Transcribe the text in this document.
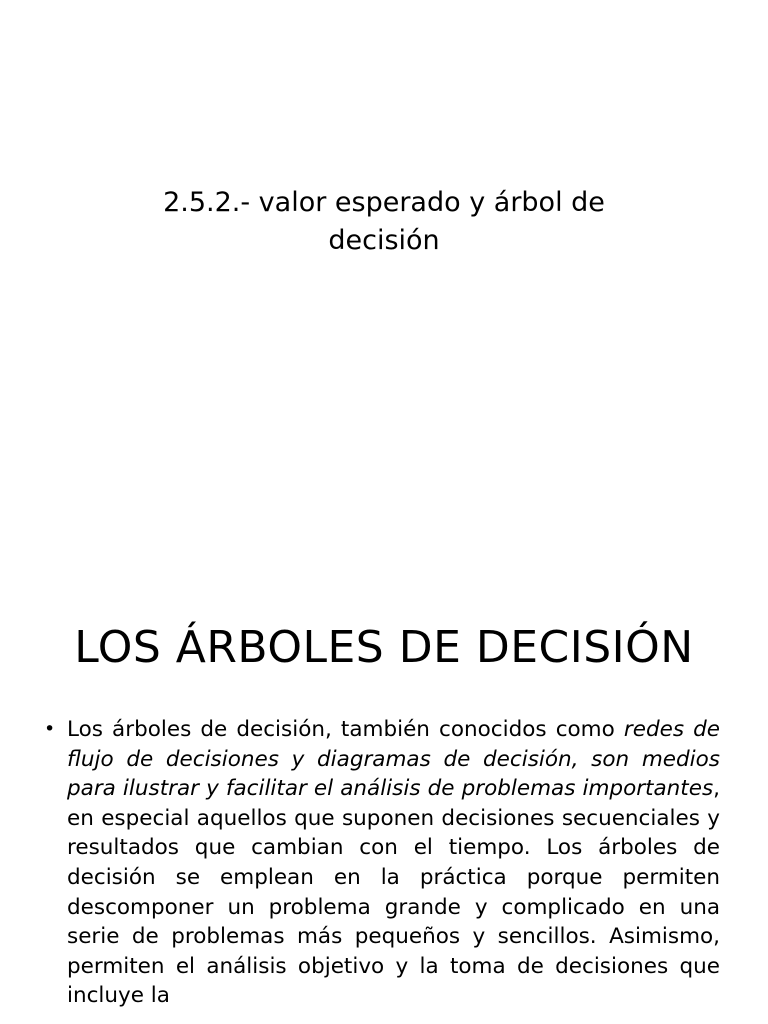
2.5.2.- valor esperado y árbol de
decisión
LOS ÁRBOLES DE DECISIÓN
• Los árboles de decisión, también conocidos como redes de flujo de decisiones y diagramas de decisión, son medios para ilustrar y facilitar el análisis de problemas importantes, en especial aquellos que suponen decisiones secuenciales y resultados que cambian con el tiempo. Los árboles de decisión se emplean en la práctica porque permiten descomponer un problema grande y complicado en una serie de problemas más pequeños y sencillos. Asimismo, permiten el análisis objetivo y la toma de decisiones que incluye la
